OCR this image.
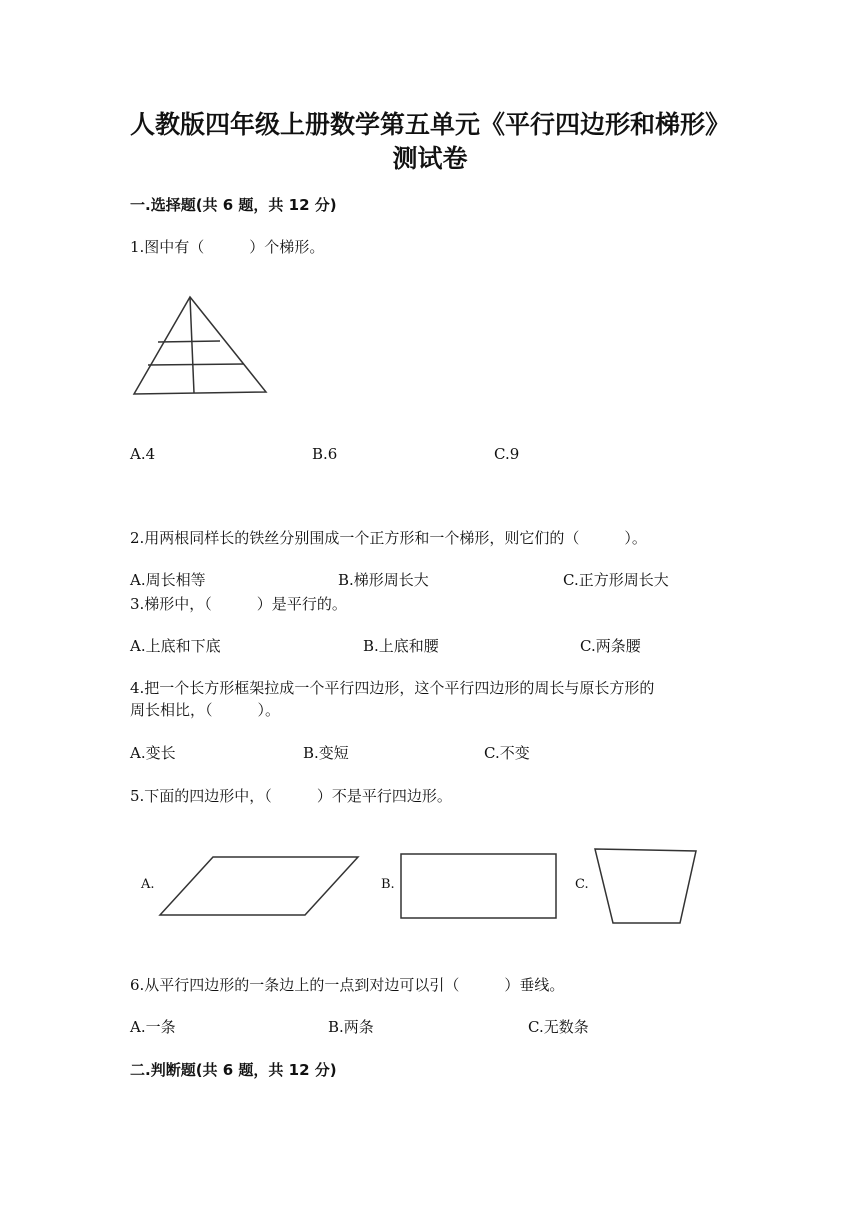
人教版四年级上册数学第五单元《平行四边形和梯形》
测试卷
一.选择题(共 6 题，共 12 分)
1.图中有（　　　）个梯形。
A.4	B.6	C.9
2.用两根同样长的铁丝分别围成一个正方形和一个梯形，则它们的（　　　）。
A.周长相等	B.梯形周长大	C.正方形周长大
3.梯形中，（　　　）是平行的。
A.上底和下底	B.上底和腰	C.两条腰
4.把一个长方形框架拉成一个平行四边形，这个平行四边形的周长与原长方形的
周长相比，（　　　）。
A.变长	B.变短	C.不变
5.下面的四边形中，（　　　）不是平行四边形。
A.	B.	C.
6.从平行四边形的一条边上的一点到对边可以引（　　　）垂线。
A.一条	B.两条	C.无数条
二.判断题(共 6 题，共 12 分)
